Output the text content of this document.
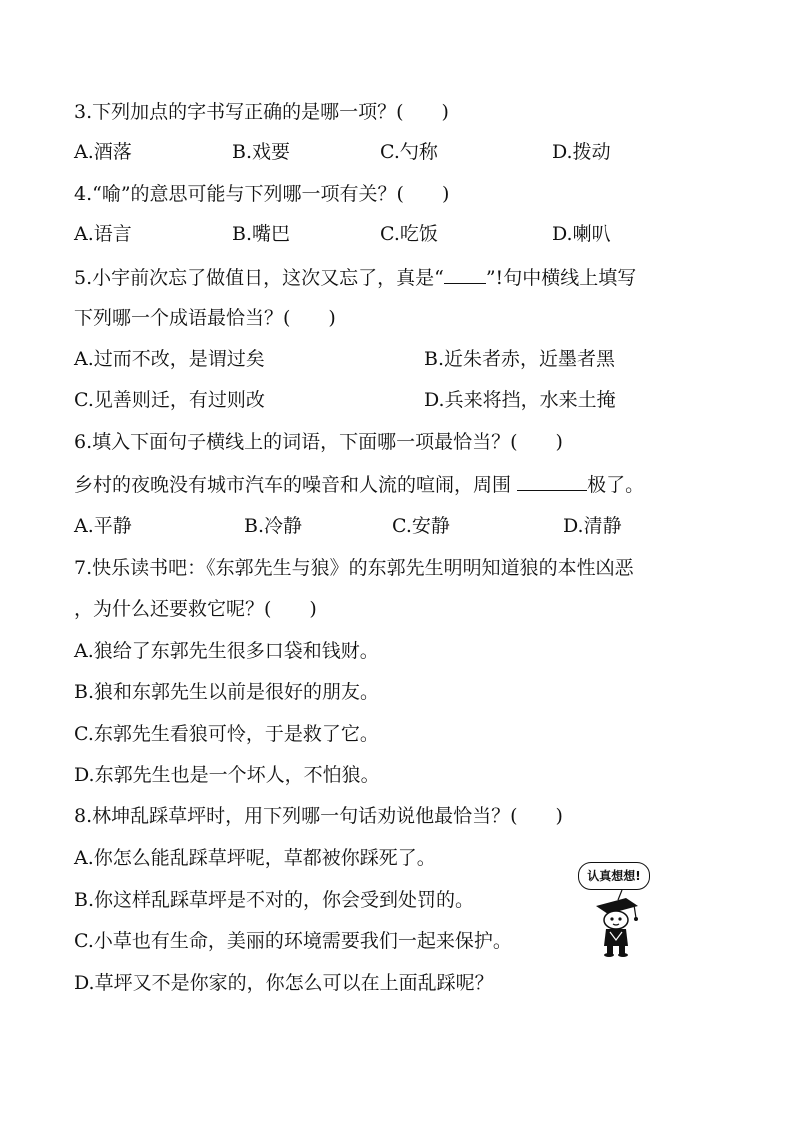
3.下列加点的字书写正确的是哪一项？(　　)
A.酒落	B.戏要	C.勺称	D.拨动
4.“喻”的意思可能与下列哪一项有关？(　　)
A.语言	B.嘴巴	C.吃饭	D.喇叭
5.小宇前次忘了做值日，这次又忘了，真是“ ”!句中横线上填写
下列哪一个成语最恰当？(　　)
A.过而不改，是谓过矣	B.近朱者赤，近墨者黑
C.见善则迁，有过则改	D.兵来将挡，水来土掩
6.填入下面句子横线上的词语，下面哪一项最恰当？(　　)
乡村的夜晚没有城市汽车的噪音和人流的喧闹，周围	极了。
A.平静	B.冷静	C.安静	D.清静
7.快乐读书吧：《东郭先生与狼》的东郭先生明明知道狼的本性凶恶
，为什么还要救它呢？(　　)
A.狼给了东郭先生很多口袋和钱财。
B.狼和东郭先生以前是很好的朋友。
C.东郭先生看狼可怜，于是救了它。
D.东郭先生也是一个坏人，不怕狼。
8.林坤乱踩草坪时，用下列哪一句话劝说他最恰当？(　　)
A.你怎么能乱踩草坪呢，草都被你踩死了。
B.你这样乱踩草坪是不对的，你会受到处罚的。
C.小草也有生命，美丽的环境需要我们一起来保护。
D.草坪又不是你家的，你怎么可以在上面乱踩呢？
认真想想!
